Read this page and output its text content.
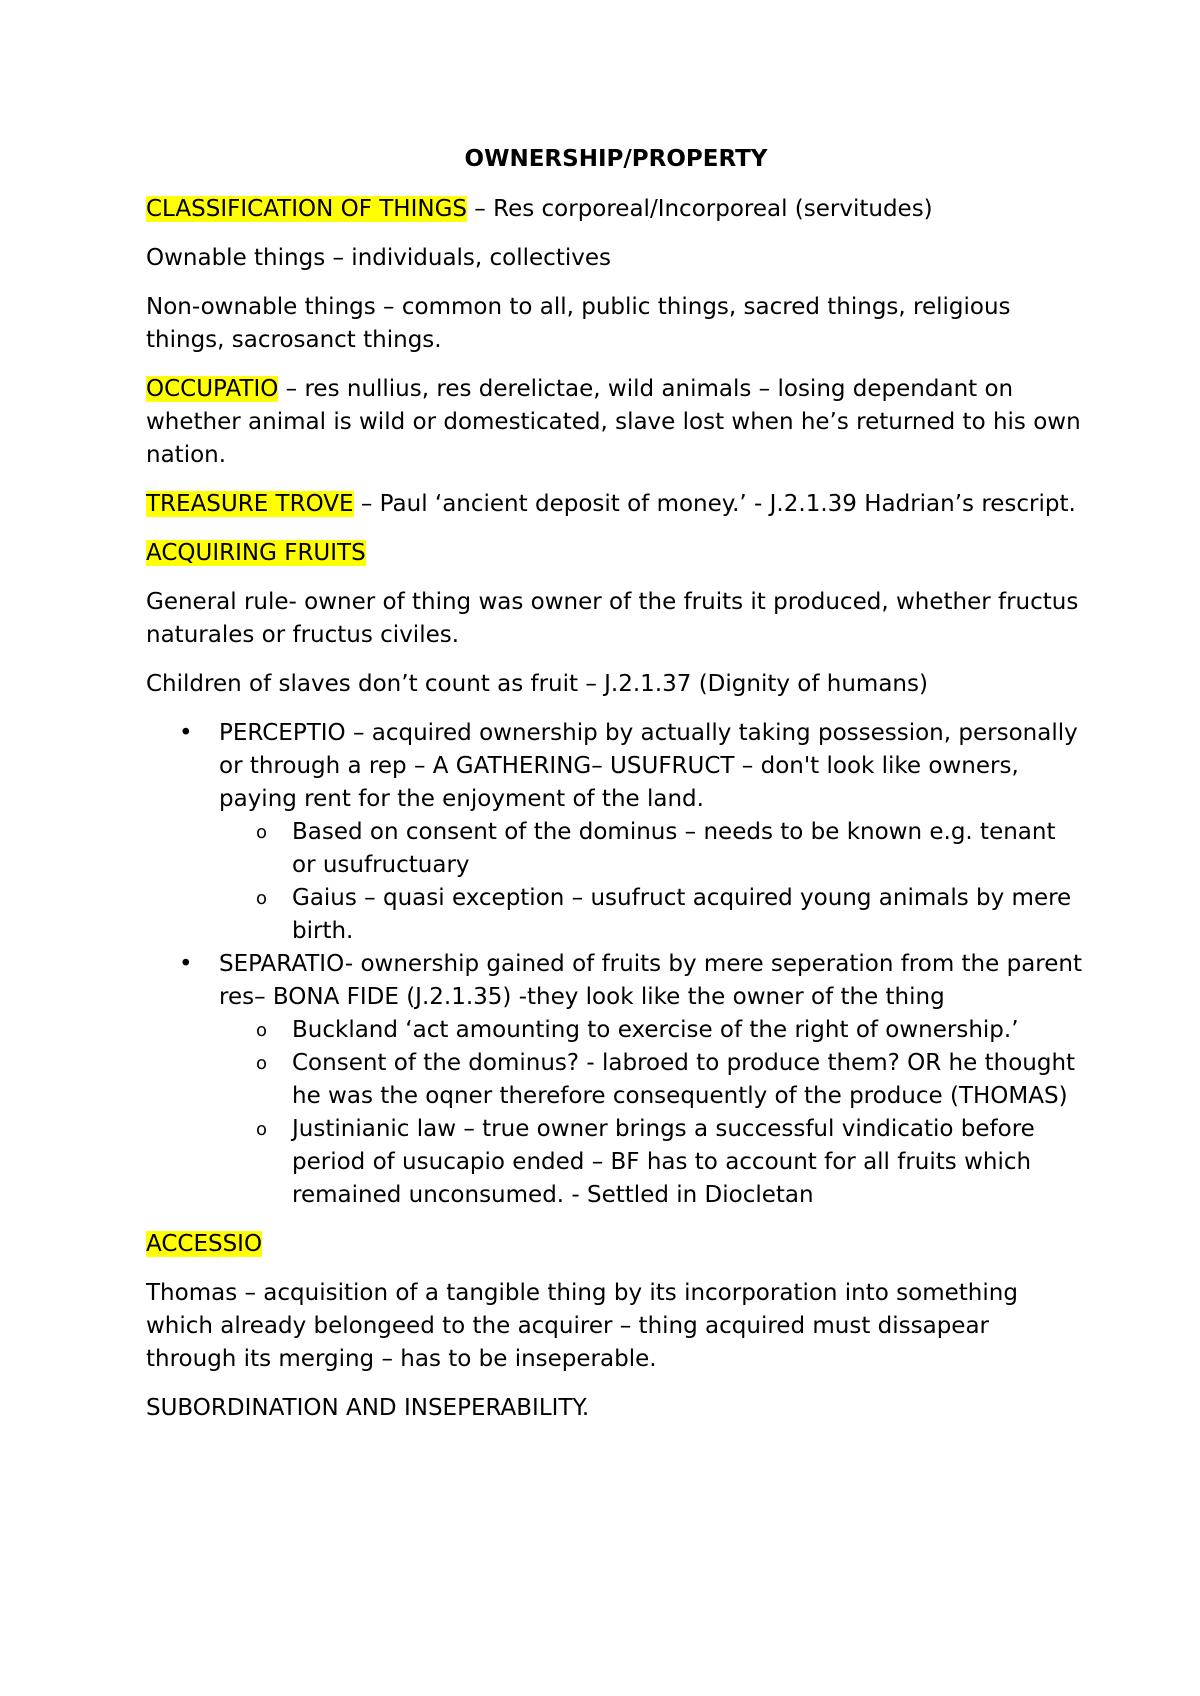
OWNERSHIP/PROPERTY

CLASSIFICATION OF THINGS – Res corporeal/Incorporeal (servitudes)

Ownable things – individuals, collectives

Non-ownable things – common to all, public things, sacred things, religious things, sacrosanct things.

OCCUPATIO – res nullius, res derelictae, wild animals – losing dependant on whether animal is wild or domesticated, slave lost when he’s returned to his own nation.

TREASURE TROVE – Paul ‘ancient deposit of money.’ - J.2.1.39 Hadrian’s rescript.

ACQUIRING FRUITS

General rule- owner of thing was owner of the fruits it produced, whether fructus naturales or fructus civiles.

Children of slaves don’t count as fruit – J.2.1.37 (Dignity of humans)

• PERCEPTIO – acquired ownership by actually taking possession, personally or through a rep – A GATHERING– USUFRUCT – don't look like owners, paying rent for the enjoyment of the land.
o Based on consent of the dominus – needs to be known e.g. tenant or usufructuary
o Gaius – quasi exception – usufruct acquired young animals by mere birth.
• SEPARATIO- ownership gained of fruits by mere seperation from the parent res– BONA FIDE (J.2.1.35) -they look like the owner of the thing
o Buckland ‘act amounting to exercise of the right of ownership.’
o Consent of the dominus? - labroed to produce them? OR he thought he was the oqner therefore consequently of the produce (THOMAS)
o Justinianic law – true owner brings a successful vindicatio before period of usucapio ended – BF has to account for all fruits which remained unconsumed. - Settled in Diocletan

ACCESSIO

Thomas – acquisition of a tangible thing by its incorporation into something which already belongeed to the acquirer – thing acquired must dissapear through its merging – has to be inseperable.

SUBORDINATION AND INSEPERABILITY.
